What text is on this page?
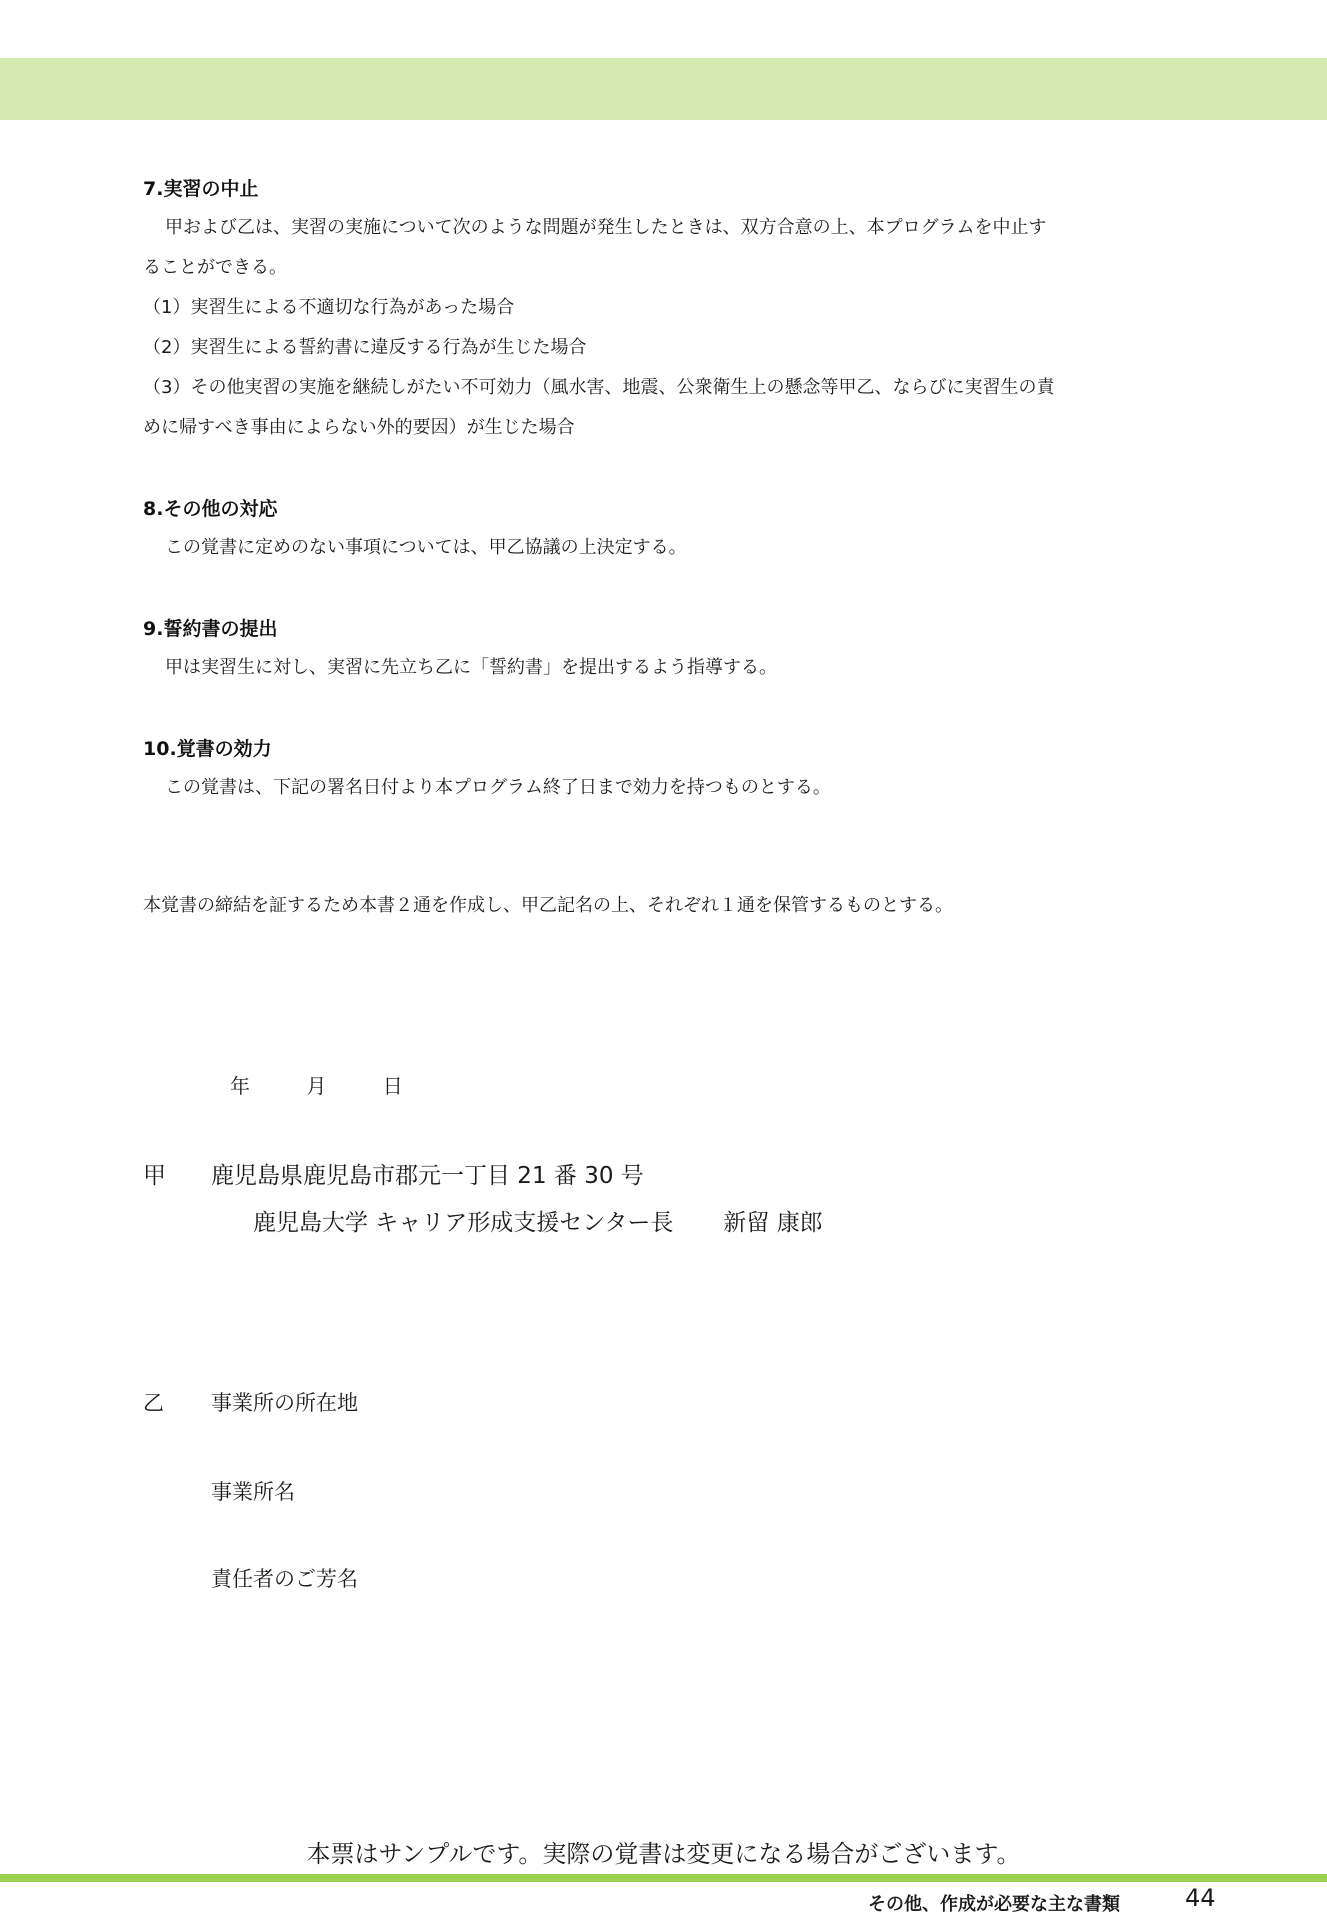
7.実習の中止

甲および乙は、実習の実施について次のような問題が発生したときは、双方合意の上、本プログラムを中止す

ることができる。

（1）実習生による不適切な行為があった場合

（2）実習生による誓約書に違反する行為が生じた場合

（3）その他実習の実施を継続しがたい不可効力（風水害、地震、公衆衛生上の懸念等甲乙、ならびに実習生の責

めに帰すべき事由によらない外的要因）が生じた場合

8.その他の対応

この覚書に定めのない事項については、甲乙協議の上決定する。

9.誓約書の提出

甲は実習生に対し、実習に先立ち乙に「誓約書」を提出するよう指導する。

10.覚書の効力

この覚書は、下記の署名日付より本プログラム終了日まで効力を持つものとする。

本覚書の締結を証するため本書２通を作成し、甲乙記名の上、それぞれ１通を保管するものとする。

年	月	日
甲 鹿児島県鹿児島市郡元一丁目 21 番 30 号
鹿児島大学 キャリア形成支援センター長 新留 康郎
乙 事業所の所在地
事業所名
責任者のご芳名
本票はサンプルです。実際の覚書は変更になる場合がございます。
その他、作成が必要な主な書類	44
